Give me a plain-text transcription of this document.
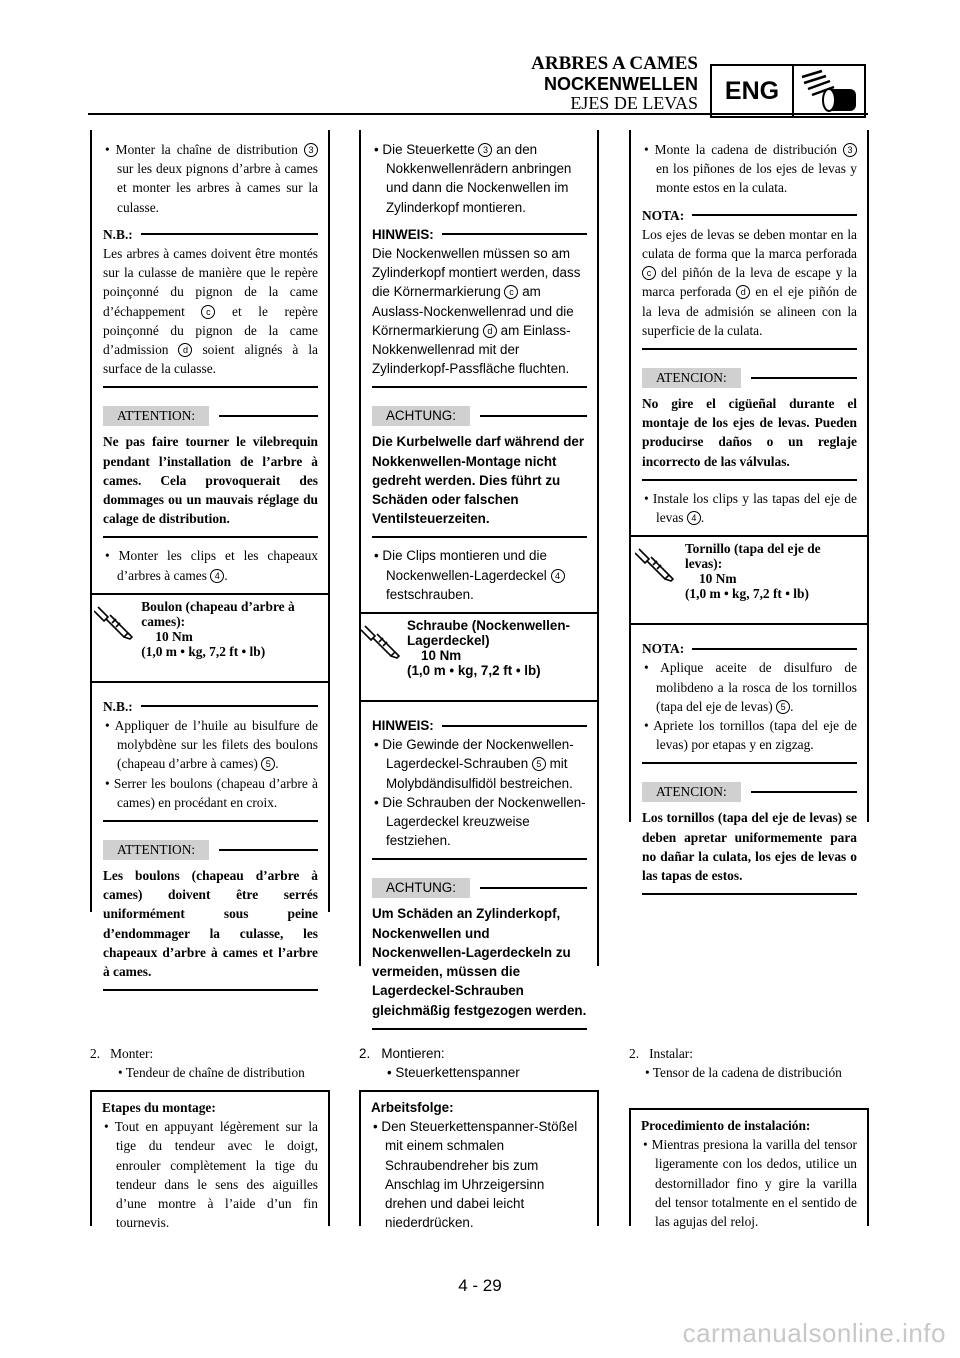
ARBRES A CAMES
NOCKENWELLEN
EJES DE LEVAS	ENG
• Monter la chaîne de distribution 3 sur les deux pignons d’arbre à cames et monter les arbres à cames sur la culasse.
N.B.:
Les arbres à cames doivent être montés sur la culasse de manière que le repère poinçonné du pignon de la came d’échappement c et le repère poinçonné du pignon de la came d’admission d soient alignés à la surface de la culasse.
ATTENTION:
Ne pas faire tourner le vilebrequin pendant l’installation de l’arbre à cames. Cela provoquerait des dommages ou un mauvais réglage du calage de distribution.
• Monter les clips et les chapeaux d’arbres à cames 4 .
Boulon (chapeau d’arbre à cames):
10 Nm
(1,0 m • kg, 7,2 ft • lb)
N.B.:
• Appliquer de l’huile au bisulfure de molybdène sur les filets des boulons (chapeau d’arbre à cames) 5 .
• Serrer les boulons (chapeau d’arbre à cames) en procédant en croix.
ATTENTION:
Les boulons (chapeau d’arbre à cames) doivent être serrés uniformément sous peine d’endommager la culasse, les chapeaux d’arbre à cames et l’arbre à cames.
• Die Steuerkette 3 an den Nokkenwellenrädern anbringen und dann die Nockenwellen im Zylinderkopf montieren.
HINWEIS:
Die Nockenwellen müssen so am Zylinderkopf montiert werden, dass die Körnermarkierung c am Auslass-Nockenwellenrad und die Körnermarkierung d am Einlass-Nokkenwellenrad mit der Zylinderkopf-Passfläche fluchten.
ACHTUNG:
Die Kurbelwelle darf während der Nokkenwellen-Montage nicht gedreht werden. Dies führt zu Schäden oder falschen Ventilsteuerzeiten.
• Die Clips montieren und die Nockenwellen-Lagerdeckel 4 festschrauben.
Schraube (Nockenwellen-Lagerdeckel)
10 Nm
(1,0 m • kg, 7,2 ft • lb)
HINWEIS:
• Die Gewinde der Nockenwellen-Lagerdeckel-Schrauben 5 mit Molybdändisulfidöl bestreichen.
• Die Schrauben der Nockenwellen-Lagerdeckel kreuzweise festziehen.
ACHTUNG:
Um Schäden an Zylinderkopf, Nockenwellen und Nockenwellen-Lagerdeckeln zu vermeiden, müssen die Lagerdeckel-Schrauben gleichmäßig festgezogen werden.
• Monte la cadena de distribución 3 en los piñones de los ejes de levas y monte estos en la culata.
NOTA:
Los ejes de levas se deben montar en la culata de forma que la marca perforada c del piñón de la leva de escape y la marca perforada d en el eje piñón de la leva de admisión se alineen con la superficie de la culata.
ATENCION:
No gire el cigüeñal durante el montaje de los ejes de levas. Pueden producirse daños o un reglaje incorrecto de las válvulas.
• Instale los clips y las tapas del eje de levas 4 .
Tornillo (tapa del eje de levas):
10 Nm
(1,0 m • kg, 7,2 ft • lb)
NOTA:
• Aplique aceite de disulfuro de molibdeno a la rosca de los tornillos (tapa del eje de levas) 5 .
• Apriete los tornillos (tapa del eje de levas) por etapas y en zigzag.
ATENCION:
Los tornillos (tapa del eje de levas) se deben apretar uniformemente para no dañar la culata, los ejes de levas o las tapas de estos.
2. Monter:
• Tendeur de chaîne de distribution
Etapes du montage:
• Tout en appuyant légèrement sur la tige du tendeur avec le doigt, enrouler complètement la tige du tendeur dans le sens des aiguilles d’une montre à l’aide d’un fin tournevis.
2. Montieren:
• Steuerkettenspanner
Arbeitsfolge:
• Den Steuerkettenspanner-Stößel mit einem schmalen Schraubendreher bis zum Anschlag im Uhrzeigersinn drehen und dabei leicht niederdrücken.
2. Instalar:
• Tensor de la cadena de distribución
Procedimiento de instalación:
• Mientras presiona la varilla del tensor ligeramente con los dedos, utilice un destornillador fino y gire la varilla del tensor totalmente en el sentido de las agujas del reloj.
4 - 29
carmanualsonline.info
